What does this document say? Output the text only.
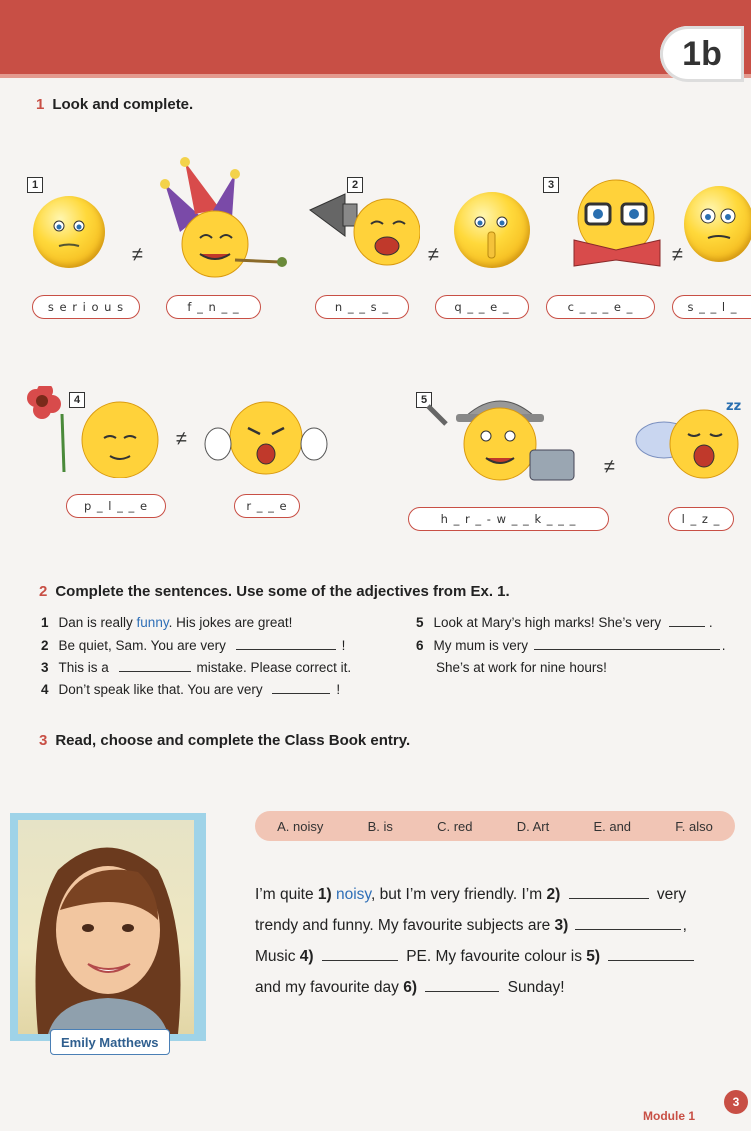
1b
1 Look and complete.
1	2	3
4	5
≠	≠	≠
s e r i o u s	f _ n _ _	n _ _ s _	q _ _ e _	c _ _ _ e _	s _ _ l _
≠
≠
zz
p _ l _ _ e	r _ _ e
h _ r _ - w _ _ k _ _ _	l _ z _
2 Complete the sentences. Use some of the adjectives from Ex. 1.
1 Dan is really funny. His jokes are great!
2 Be quiet, Sam. You are very	!
3 This is a	mistake. Please correct it.
4 Don’t speak like that. You are very	!
5 Look at Mary’s high marks! She’s very	.
6 My mum is very	.
She’s at work for nine hours!
3 Read, choose and complete the Class Book entry.
A. noisy	B. is	C. red	D. Art	E. and	F. also
Emily Matthews
I’m quite 1) noisy, but I’m very friendly. I’m 2)	very
trendy and funny. My favourite subjects are 3)	,
Music 4)	PE. My favourite colour is 5)
and my favourite day 6)	Sunday!
Module 1
3
